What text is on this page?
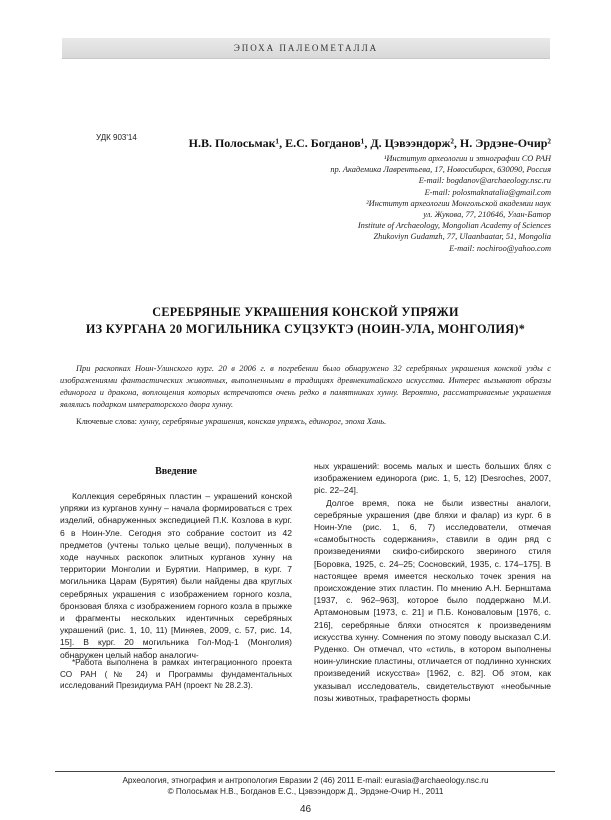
ЭПОХА ПАЛЕОМЕТАЛЛА
УДК 903'14	Н.В. Полосьмак¹, Е.С. Богданов¹, Д. Цэвээндорж², Н. Эрдэне-Очир²
¹Институт археологии и этнографии СО РАН
пр. Академика Лаврентьева, 17, Новосибирск, 630090, Россия
E-mail: bogdanov@archaeology.nsc.ru
E-mail: polosmaknatalia@gmail.com
²Институт археологии Монгольской академии наук
ул. Жукова, 77, 210646, Улан-Батор
Institute of Archaeology, Mongolian Academy of Sciences
Zhukoviyn Gudamzh, 77, Ulaanbaatar, 51, Mongolia
E-mail: nochiroo@yahoo.com
СЕРЕБРЯНЫЕ УКРАШЕНИЯ КОНСКОЙ УПРЯЖИ
ИЗ КУРГАНА 20 МОГИЛЬНИКА СУЦЗУКТЭ (НОИН-УЛА, МОНГОЛИЯ)*
При раскопках Ноин-Улинского кург. 20 в 2006 г. в погребении было обнаружено 32 серебряных украшения конской узды с изображениями фантастических животных, выполненными в традициях древнекитайского искусства. Интерес вызывают образы единорога и дракона, воплощения которых встречаются очень редко в памятниках хунну. Вероятно, рассматриваемые украшения являлись подарком императорского двора хунну.
Ключевые слова: хунну, серебряные украшения, конская упряжь, единорог, эпоха Хань.
Введение

Коллекция серебряных пластин – украшений конской упряжи из курганов хунну – начала формироваться с трех изделий, обнаруженных экспедицией П.К. Козлова в кург. 6 в Ноин-Уле. Сегодня это собрание состоит из 42 предметов (учтены только целые вещи), полученных в ходе научных раскопок элитных курганов хунну на территории Монголии и Бурятии. Например, в кург. 7 могильника Царам (Бурятия) были найдены два круглых серебряных украшения с изображением горного козла, бронзовая бляха с изображением горного козла в прыжке и фрагменты нескольких идентичных серебряных украшений (рис. 1, 10, 11) [Миняев, 2009, с. 57, рис. 14, 15]. В кург. 20 могильника Гол-Мод-1 (Монголия) обнаружен целый набор аналогич-

ных украшений: восемь малых и шесть больших блях с изображением единорога (рис. 1, 5, 12) [Desroches, 2007, pic. 22–24].

Долгое время, пока не были известны аналоги, серебряные украшения (две бляхи и фалар) из кург. 6 в Ноин-Уле (рис. 1, 6, 7) исследователи, отмечая «самобытность содержания», ставили в один ряд с произведениями скифо-сибирского звериного стиля [Боровка, 1925, с. 24–25; Сосновский, 1935, с. 174–175]. В настоящее время имеется несколько точек зрения на происхождение этих пластин. По мнению А.Н. Бернштама [1937, с. 962–963], которое было поддержано М.И. Артамоновым [1973, с. 21] и П.Б. Коноваловым [1976, с. 216], серебряные бляхи относятся к произведениям искусства хунну. Сомнения по этому поводу высказал С.И. Руденко. Он отмечал, что «стиль, в котором выполнены ноин-улинские пластины, отличается от подлинно хуннских произведений искусства» [1962, с. 82]. Об этом, как указывал исследователь, свидетельствуют «необычные позы животных, трафаретность формы

*Работа выполнена в рамках интеграционного проекта СО РАН (№ 24) и Программы фундаментальных исследований Президиума РАН (проект № 28.2.3).
Археология, этнография и антропология Евразии 2 (46) 2011 E-mail: eurasia@archaeology.nsc.ru
© Полосьмак Н.В., Богданов Е.С., Цэвээндорж Д., Эрдэне-Очир Н., 2011
46
